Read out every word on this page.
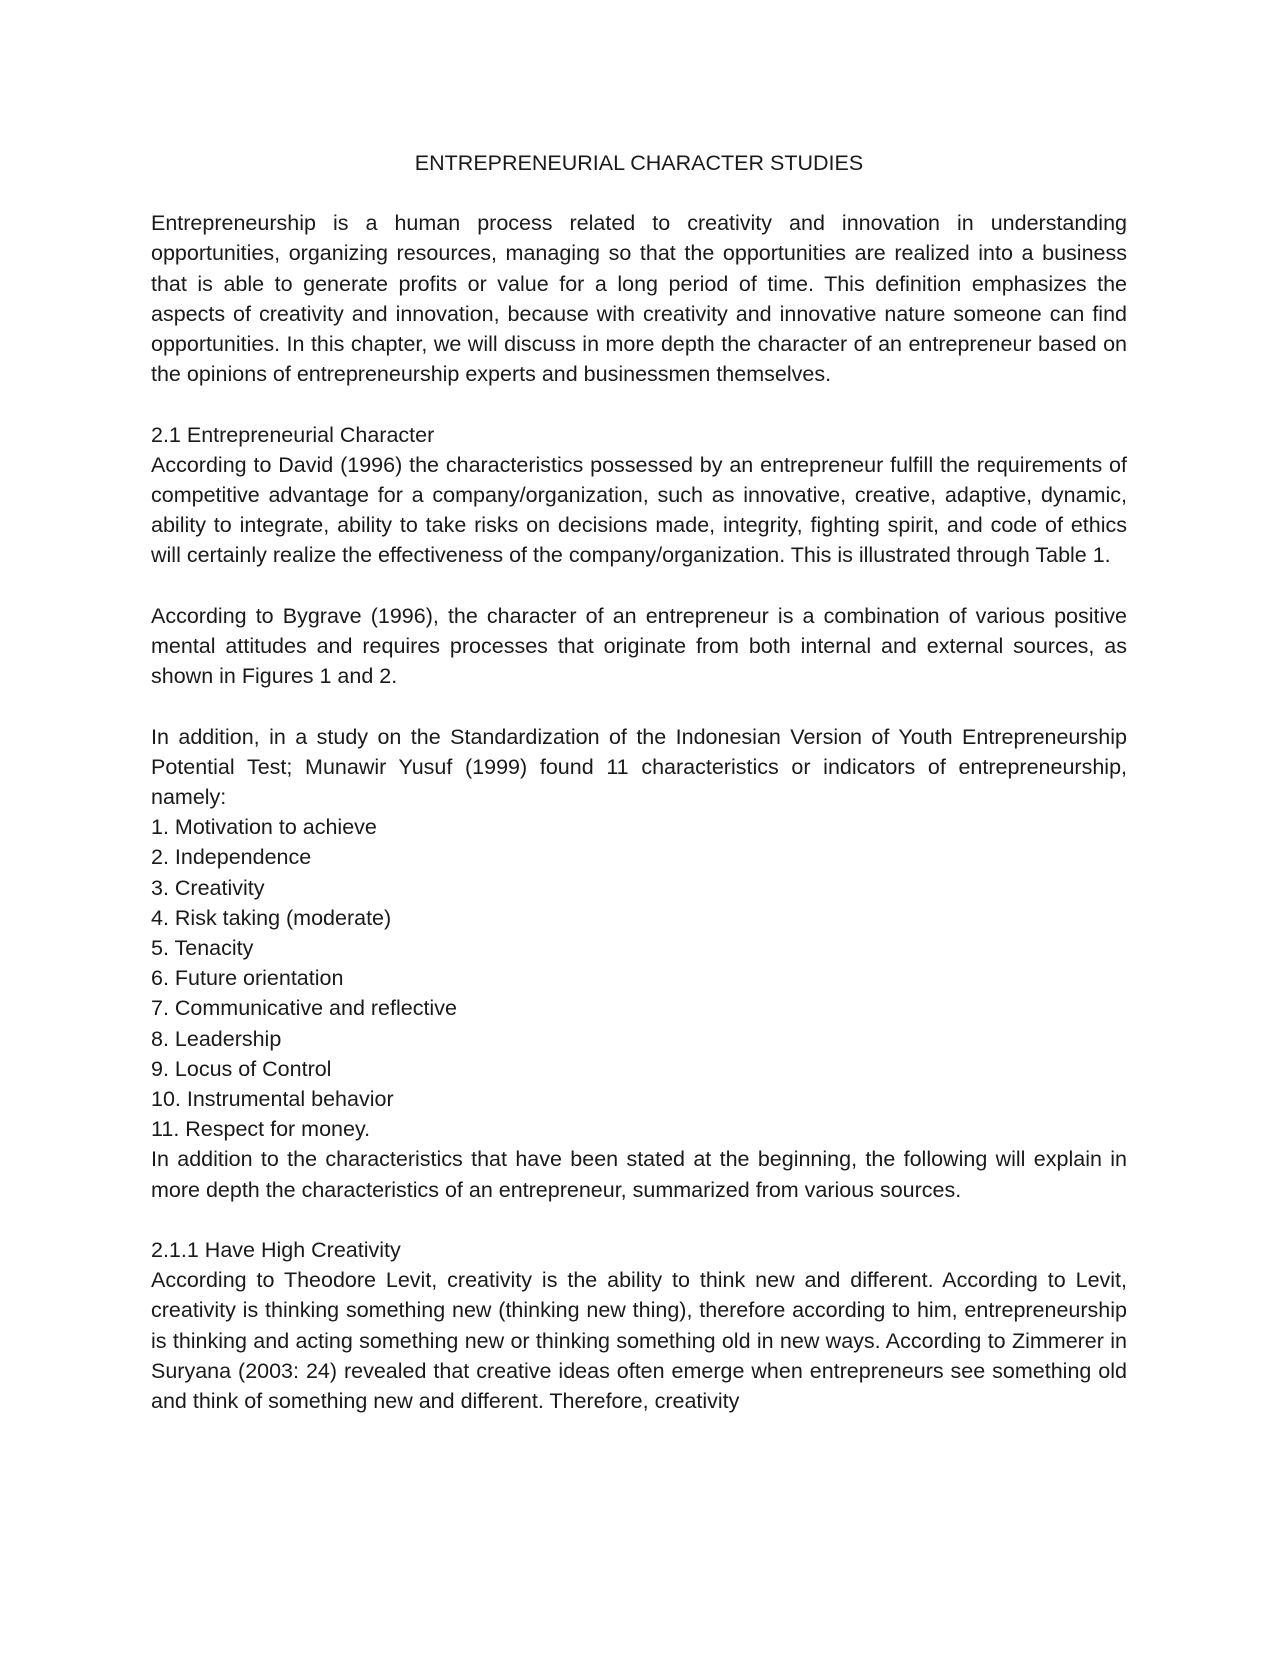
ENTREPRENEURIAL CHARACTER STUDIES

Entrepreneurship is a human process related to creativity and innovation in understanding opportunities, organizing resources, managing so that the opportunities are realized into a business that is able to generate profits or value for a long period of time. This definition emphasizes the aspects of creativity and innovation, because with creativity and innovative nature someone can find opportunities. In this chapter, we will discuss in more depth the character of an entrepreneur based on the opinions of entrepreneurship experts and businessmen themselves.

2.1 Entrepreneurial Character

According to David (1996) the characteristics possessed by an entrepreneur fulfill the requirements of competitive advantage for a company/organization, such as innovative, creative, adaptive, dynamic, ability to integrate, ability to take risks on decisions made, integrity, fighting spirit, and code of ethics will certainly realize the effectiveness of the company/organization. This is illustrated through Table 1.

According to Bygrave (1996), the character of an entrepreneur is a combination of various positive mental attitudes and requires processes that originate from both internal and external sources, as shown in Figures 1 and 2.

In addition, in a study on the Standardization of the Indonesian Version of Youth Entrepreneurship Potential Test; Munawir Yusuf (1999) found 11 characteristics or indicators of entrepreneurship, namely:

1. Motivation to achieve
2. Independence
3. Creativity
4. Risk taking (moderate)
5. Tenacity
6. Future orientation
7. Communicative and reflective
8. Leadership
9. Locus of Control
10. Instrumental behavior
11. Respect for money.

In addition to the characteristics that have been stated at the beginning, the following will explain in more depth the characteristics of an entrepreneur, summarized from various sources.

2.1.1 Have High Creativity

According to Theodore Levit, creativity is the ability to think new and different. According to Levit, creativity is thinking something new (thinking new thing), therefore according to him, entrepreneurship is thinking and acting something new or thinking something old in new ways. According to Zimmerer in Suryana (2003: 24) revealed that creative ideas often emerge when entrepreneurs see something old and think of something new and different. Therefore, creativity
